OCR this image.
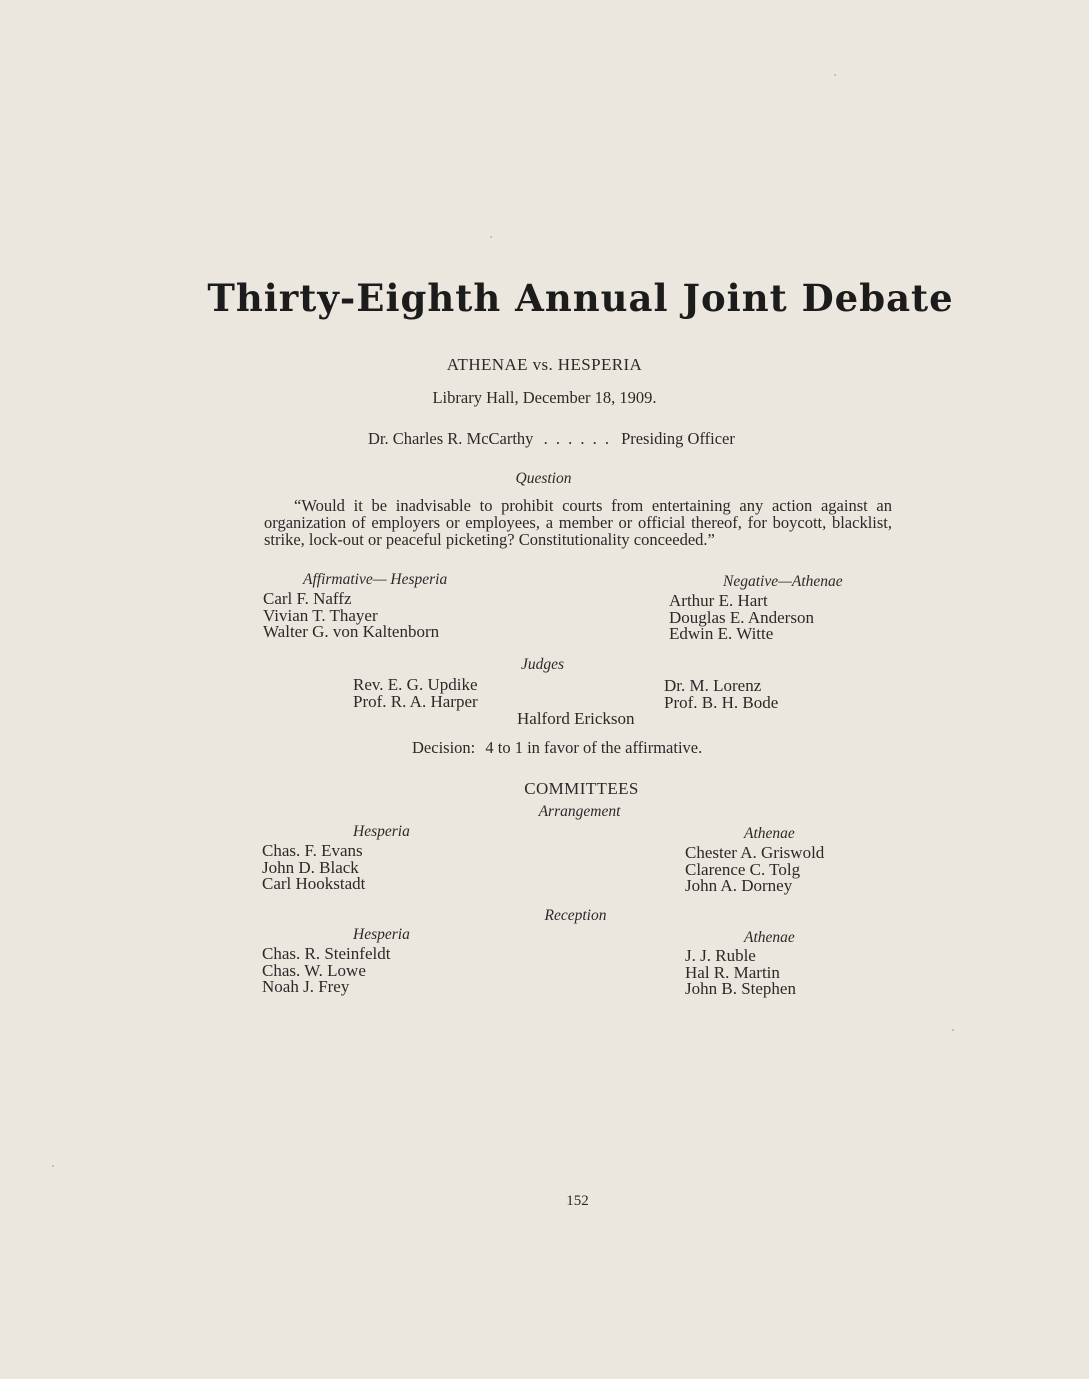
Thirty-Eighth Annual Joint Debate
ATHENAE vs. HESPERIA
Library Hall, December 18, 1909.
Dr. Charles R. McCarthy . . . . . . Presiding Officer
Question
“Would it be inadvisable to prohibit courts from entertaining any action against an organization of employers or employees, a member or official thereof, for boycott, blacklist, strike, lock-out or peaceful picketing? Constitutionality conceeded.”
Affirmative— Hesperia
Carl F. Naffz
Vivian T. Thayer
Walter G. von Kaltenborn
Negative—Athenae
Arthur E. Hart
Douglas E. Anderson
Edwin E. Witte
Judges
Rev. E. G. Updike
Prof. R. A. Harper
Dr. M. Lorenz
Prof. B. H. Bode
Halford Erickson
Decision: 4 to 1 in favor of the affirmative.
COMMITTEES
Arrangement
Hesperia
Chas. F. Evans
John D. Black
Carl Hookstadt
Athenae
Chester A. Griswold
Clarence C. Tolg
John A. Dorney
Reception
Hesperia
Chas. R. Steinfeldt
Chas. W. Lowe
Noah J. Frey
Athenae
J. J. Ruble
Hal R. Martin
John B. Stephen
152
